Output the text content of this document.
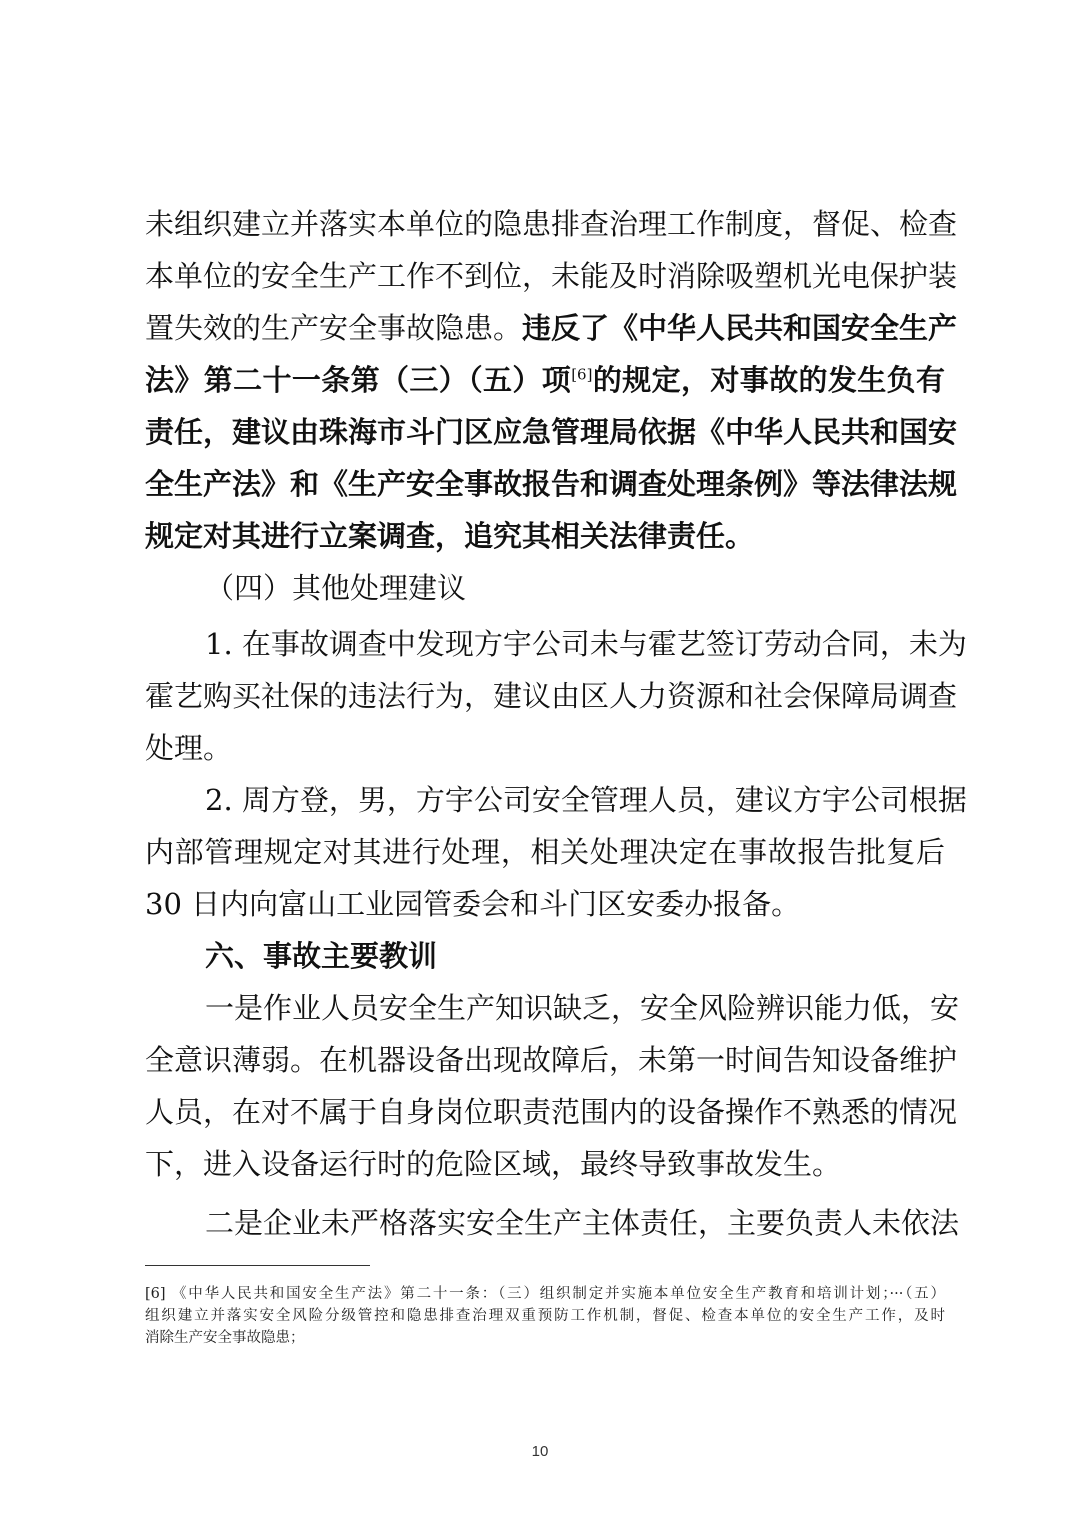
未组织建立并落实本单位的隐患排查治理工作制度，督促、检查
本单位的安全生产工作不到位，未能及时消除吸塑机光电保护装
置失效的生产安全事故隐患。违反了《中华人民共和国安全生产
法》第二十一条第（三）（五）项[6]的规定，对事故的发生负有
责任，建议由珠海市斗门区应急管理局依据《中华人民共和国安
全生产法》和《生产安全事故报告和调查处理条例》等法律法规
规定对其进行立案调查，追究其相关法律责任。
（四）其他处理建议
1. 在事故调查中发现方宇公司未与霍艺签订劳动合同，未为
霍艺购买社保的违法行为，建议由区人力资源和社会保障局调查
处理。
2. 周方登，男，方宇公司安全管理人员，建议方宇公司根据
内部管理规定对其进行处理，相关处理决定在事故报告批复后
30 日内向富山工业园管委会和斗门区安委办报备。
六、事故主要教训
一是作业人员安全生产知识缺乏，安全风险辨识能力低，安
全意识薄弱。在机器设备出现故障后，未第一时间告知设备维护
人员，在对不属于自身岗位职责范围内的设备操作不熟悉的情况
下，进入设备运行时的危险区域，最终导致事故发生。
二是企业未严格落实安全生产主体责任，主要负责人未依法
[6] 《中华人民共和国安全生产法》第二十一条：（三）组织制定并实施本单位安全生产教育和培训计划；···（五）
组织建立并落实安全风险分级管控和隐患排查治理双重预防工作机制，督促、检查本单位的安全生产工作，及时
消除生产安全事故隐患；
10
